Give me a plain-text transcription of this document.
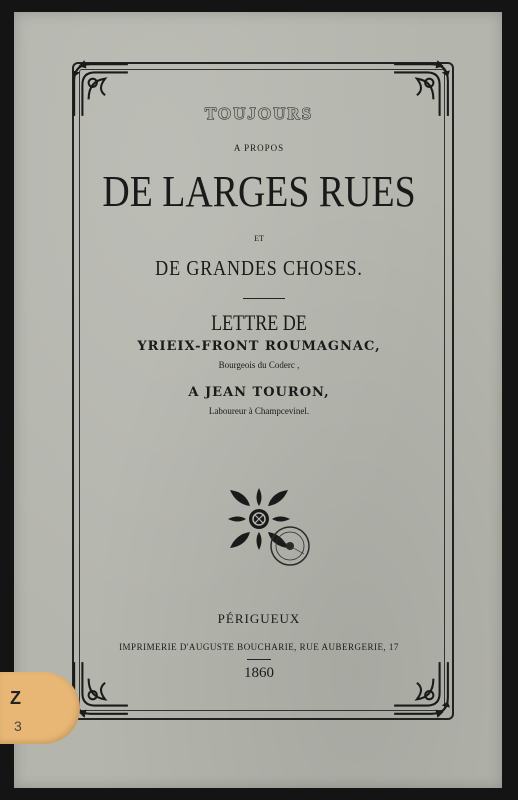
TOUJOURS
A PROPOS
DE LARGES RUES
ET
DE GRANDES CHOSES.
LETTRE DE
YRIEIX-FRONT ROUMAGNAC,
Bourgeois du Coderc ,
A JEAN TOURON,
Laboureur à Champcevinel.
PÉRIGUEUX
IMPRIMERIE D'AUGUSTE BOUCHARIE, RUE AUBERGERIE, 17
1860
Z
3
